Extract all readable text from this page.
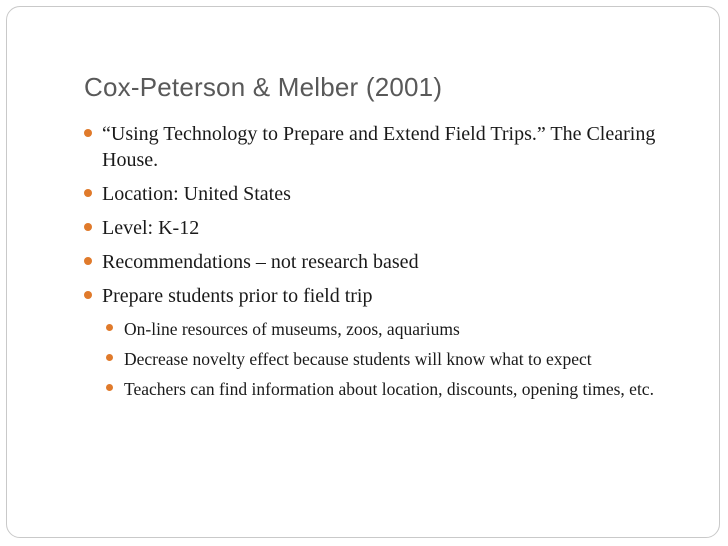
Cox-Peterson & Melber (2001)
“Using Technology to Prepare and Extend Field Trips.” The Clearing House.
Location: United States
Level: K-12
Recommendations – not research based
Prepare students prior to field trip
On-line resources of museums, zoos, aquariums
Decrease novelty effect because students will know what to expect
Teachers can find information about location, discounts, opening times, etc.
